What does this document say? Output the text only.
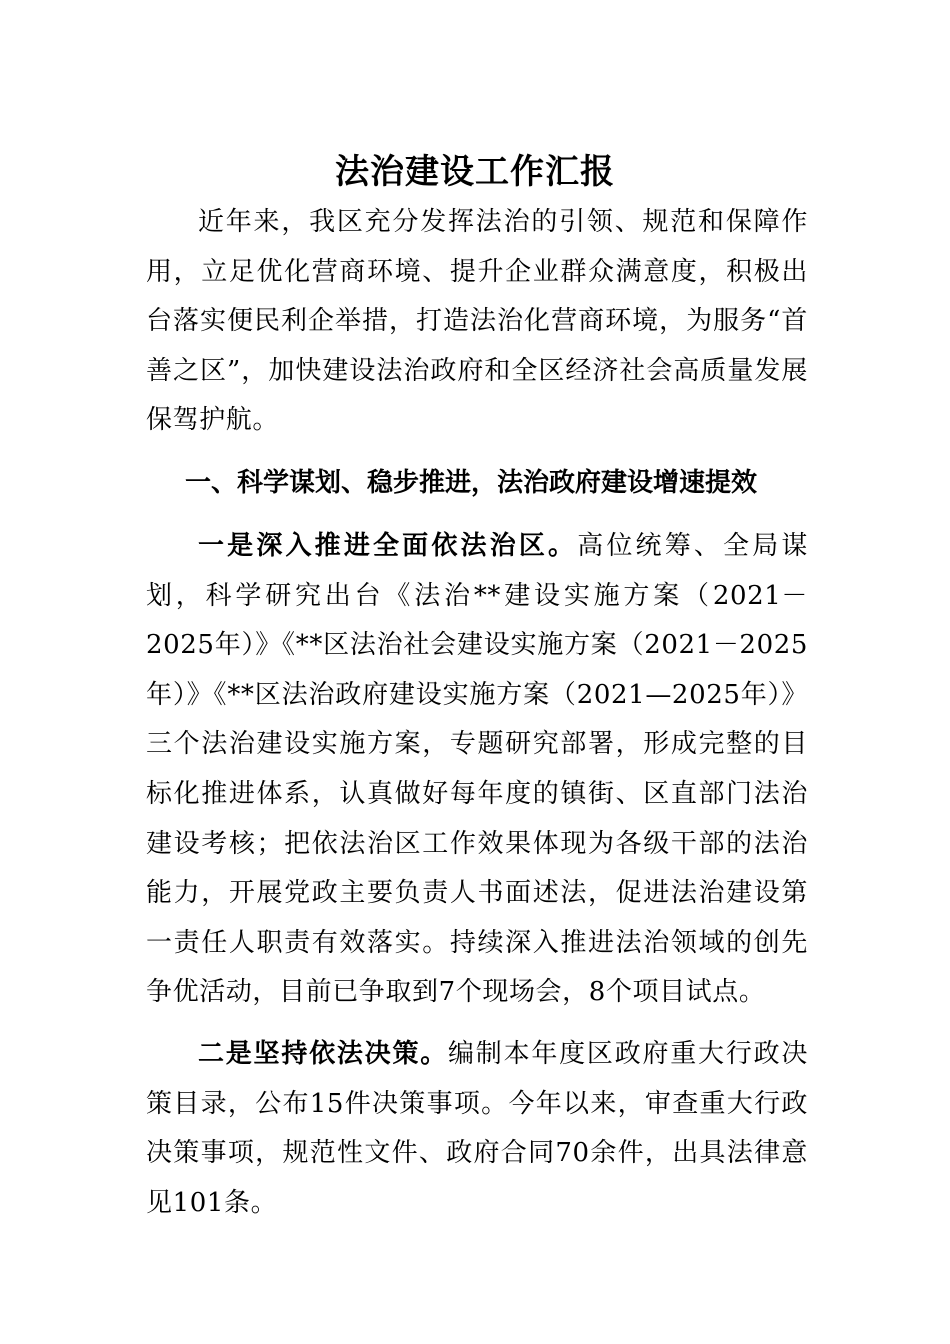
法治建设工作汇报

近年来，我区充分发挥法治的引领、规范和保障作用，立足优化营商环境、提升企业群众满意度，积极出台落实便民利企举措，打造法治化营商环境，为服务“首善之区”，加快建设法治政府和全区经济社会高质量发展保驾护航。

一、科学谋划、稳步推进，法治政府建设增速提效

一是深入推进全面依法治区。高位统筹、全局谋划，科学研究出台《法治**建设实施方案（2021－2025年）》《**区法治社会建设实施方案（2021－2025年）》《**区法治政府建设实施方案（2021—2025年）》三个法治建设实施方案，专题研究部署，形成完整的目标化推进体系，认真做好每年度的镇街、区直部门法治建设考核；把依法治区工作效果体现为各级干部的法治能力，开展党政主要负责人书面述法，促进法治建设第一责任人职责有效落实。持续深入推进法治领域的创先争优活动，目前已争取到7个现场会，8个项目试点。

二是坚持依法决策。编制本年度区政府重大行政决策目录，公布15件决策事项。今年以来，审查重大行政决策事项，规范性文件、政府合同70余件，出具法律意见101条。
